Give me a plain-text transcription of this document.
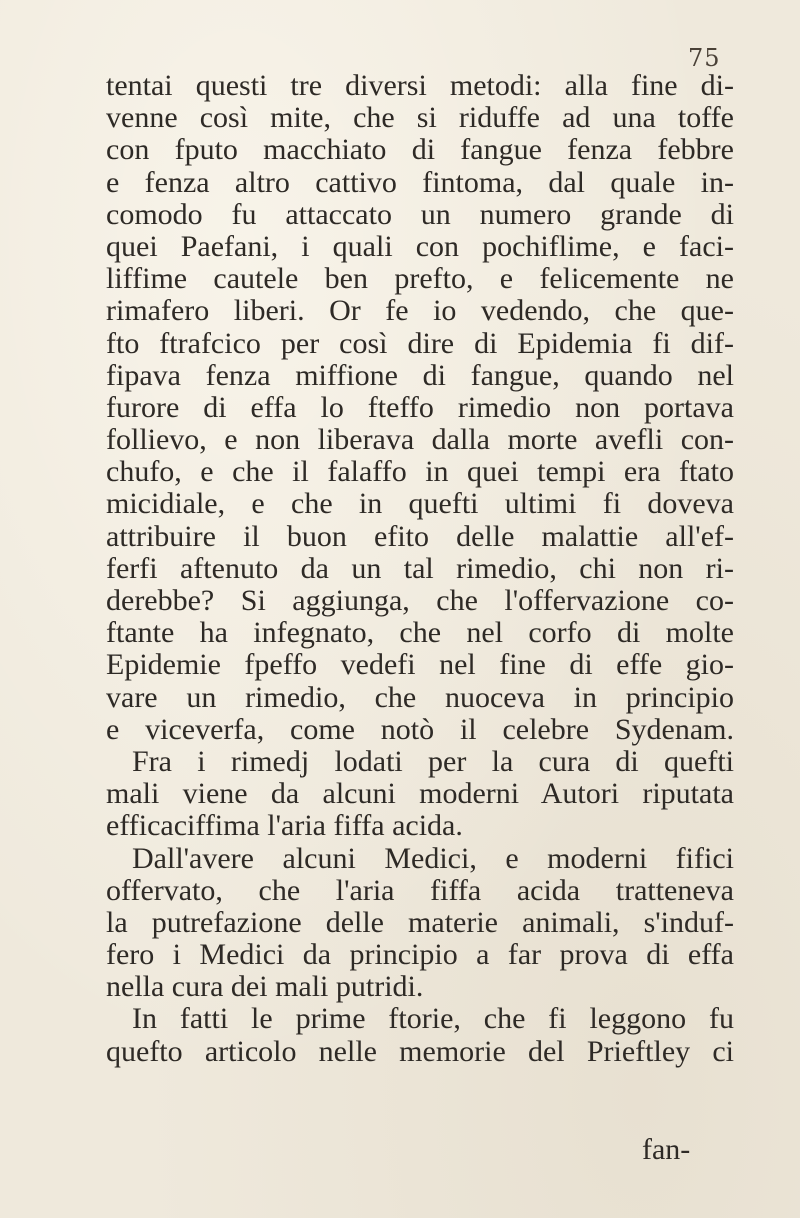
75
tentai questi tre diversi metodi: alla fine di-
venne così mite, che si riduffe ad una toffe
con fputo macchiato di fangue fenza febbre
e fenza altro cattivo fintoma, dal quale in-
comodo fu attaccato un numero grande di
quei Paefani, i quali con pochiflime, e faci-
liffime cautele ben prefto, e felicemente ne
rimafero liberi. Or fe io vedendo, che que-
fto ftrafcico per così dire di Epidemia fi dif-
fipava fenza miffione di fangue, quando nel
furore di effa lo fteffo rimedio non portava
follievo, e non liberava dalla morte avefli con-
chufo, e che il falaffo in quei tempi era ftato
micidiale, e che in quefti ultimi fi doveva
attribuire il buon efito delle malattie all'ef-
ferfi aftenuto da un tal rimedio, chi non ri-
derebbe? Si aggiunga, che l'offervazione co-
ftante ha infegnato, che nel corfo di molte
Epidemie fpeffo vedefi nel fine di effe gio-
vare un rimedio, che nuoceva in principio
e viceverfa, come notò il celebre Sydenam.
Fra i rimedj lodati per la cura di quefti
mali viene da alcuni moderni Autori riputata
efficaciffima l'aria fiffa acida.
Dall'avere alcuni Medici, e moderni fifici
offervato, che l'aria fiffa acida tratteneva
la putrefazione delle materie animali, s'induf-
fero i Medici da principio a far prova di effa
nella cura dei mali putridi.
In fatti le prime ftorie, che fi leggono fu
quefto articolo nelle memorie del Prieftley ci
fan-
